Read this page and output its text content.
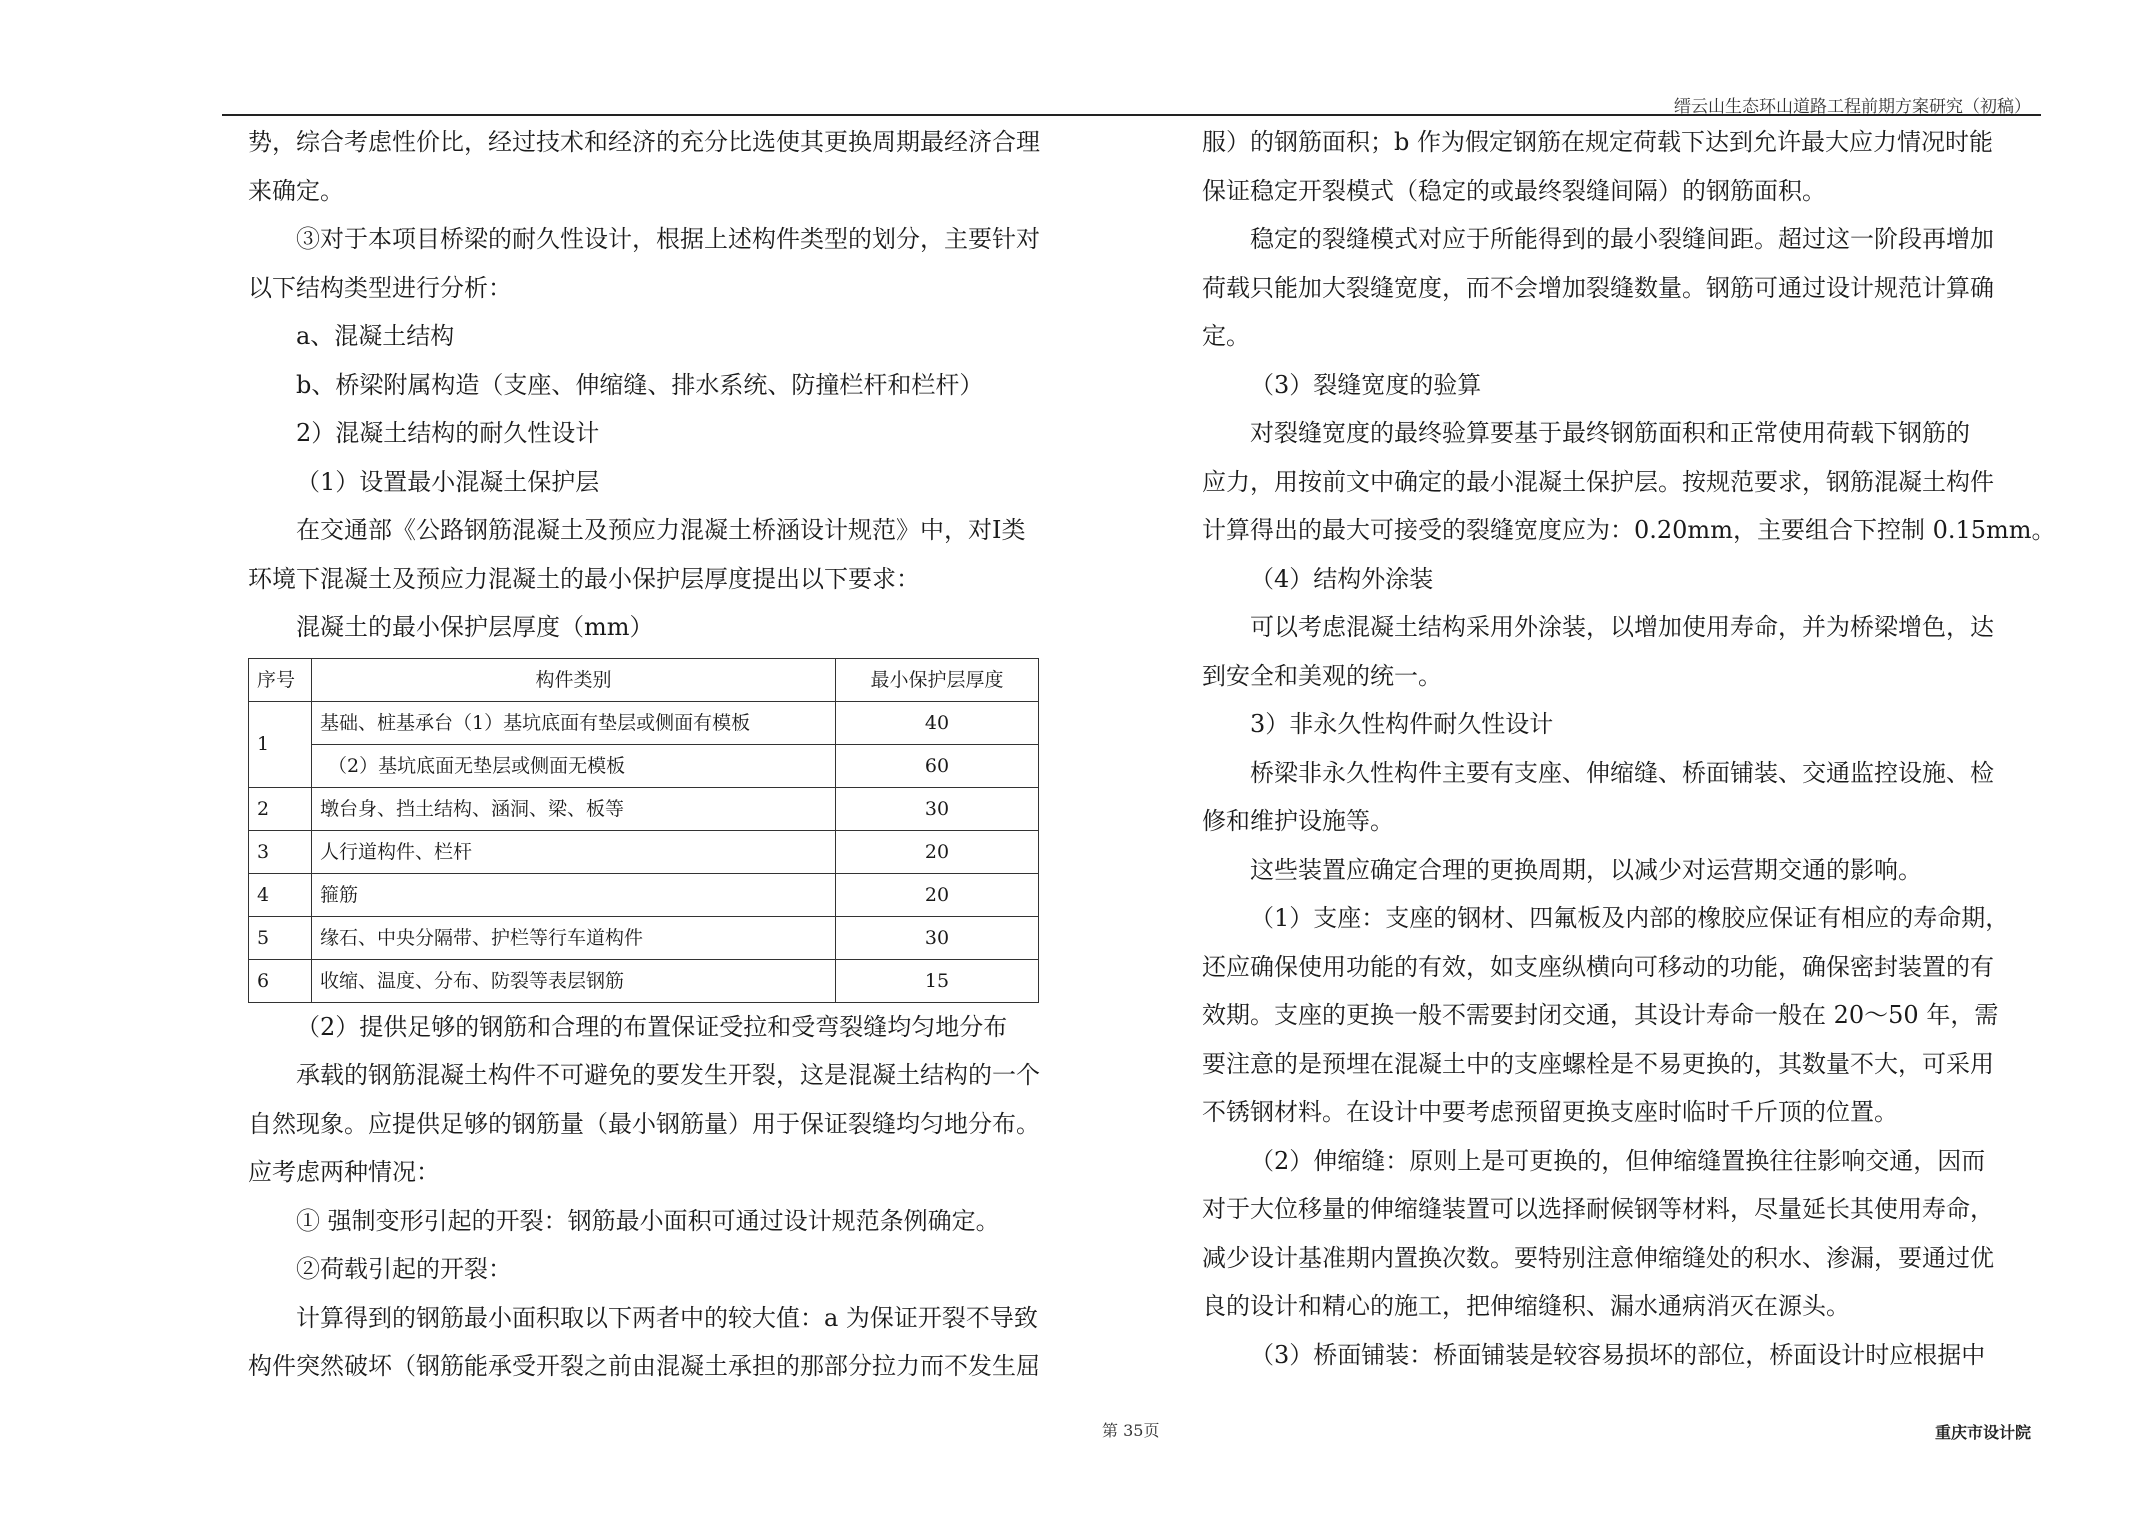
缙云山生态环山道路工程前期方案研究（初稿）

势，综合考虑性价比，经过技术和经济的充分比选使其更换周期最经济合理

来确定。

③对于本项目桥梁的耐久性设计，根据上述构件类型的划分，主要针对

以下结构类型进行分析：

a、混凝土结构

b、桥梁附属构造（支座、伸缩缝、排水系统、防撞栏杆和栏杆）

2）混凝土结构的耐久性设计

（1）设置最小混凝土保护层

在交通部《公路钢筋混凝土及预应力混凝土桥涵设计规范》中，对Ⅰ类

环境下混凝土及预应力混凝土的最小保护层厚度提出以下要求：

混凝土的最小保护层厚度（mm）

序号	构件类别	最小保护层厚度
1	基础、桩基承台（1）基坑底面有垫层或侧面有模板	40
	（2）基坑底面无垫层或侧面无模板	60
2	墩台身、挡土结构、涵洞、梁、板等	30
3	人行道构件、栏杆	20
4	箍筋	20
5	缘石、中央分隔带、护栏等行车道构件	30
6	收缩、温度、分布、防裂等表层钢筋	15

（2）提供足够的钢筋和合理的布置保证受拉和受弯裂缝均匀地分布

承载的钢筋混凝土构件不可避免的要发生开裂，这是混凝土结构的一个

自然现象。应提供足够的钢筋量（最小钢筋量）用于保证裂缝均匀地分布。

应考虑两种情况：

① 强制变形引起的开裂：钢筋最小面积可通过设计规范条例确定。

②荷载引起的开裂：

计算得到的钢筋最小面积取以下两者中的较大值：a 为保证开裂不导致

构件突然破坏（钢筋能承受开裂之前由混凝土承担的那部分拉力而不发生屈

服）的钢筋面积；b 作为假定钢筋在规定荷载下达到允许最大应力情况时能

保证稳定开裂模式（稳定的或最终裂缝间隔）的钢筋面积。

稳定的裂缝模式对应于所能得到的最小裂缝间距。超过这一阶段再增加

荷载只能加大裂缝宽度，而不会增加裂缝数量。钢筋可通过设计规范计算确

定。

（3）裂缝宽度的验算

对裂缝宽度的最终验算要基于最终钢筋面积和正常使用荷载下钢筋的

应力，用按前文中确定的最小混凝土保护层。按规范要求，钢筋混凝土构件

计算得出的最大可接受的裂缝宽度应为：0.20mm，主要组合下控制 0.15mm。

（4）结构外涂装

可以考虑混凝土结构采用外涂装，以增加使用寿命，并为桥梁增色，达

到安全和美观的统一。

3）非永久性构件耐久性设计

桥梁非永久性构件主要有支座、伸缩缝、桥面铺装、交通监控设施、检

修和维护设施等。

这些装置应确定合理的更换周期，以减少对运营期交通的影响。

（1）支座：支座的钢材、四氟板及内部的橡胶应保证有相应的寿命期，

还应确保使用功能的有效，如支座纵横向可移动的功能，确保密封装置的有

效期。支座的更换一般不需要封闭交通，其设计寿命一般在 20～50 年，需

要注意的是预埋在混凝土中的支座螺栓是不易更换的，其数量不大，可采用

不锈钢材料。在设计中要考虑预留更换支座时临时千斤顶的位置。

（2）伸缩缝：原则上是可更换的，但伸缩缝置换往往影响交通，因而

对于大位移量的伸缩缝装置可以选择耐候钢等材料，尽量延长其使用寿命，

减少设计基准期内置换次数。要特别注意伸缩缝处的积水、渗漏，要通过优

良的设计和精心的施工，把伸缩缝积、漏水通病消灭在源头。

（3）桥面铺装：桥面铺装是较容易损坏的部位，桥面设计时应根据中

第 35页	重庆市设计院
